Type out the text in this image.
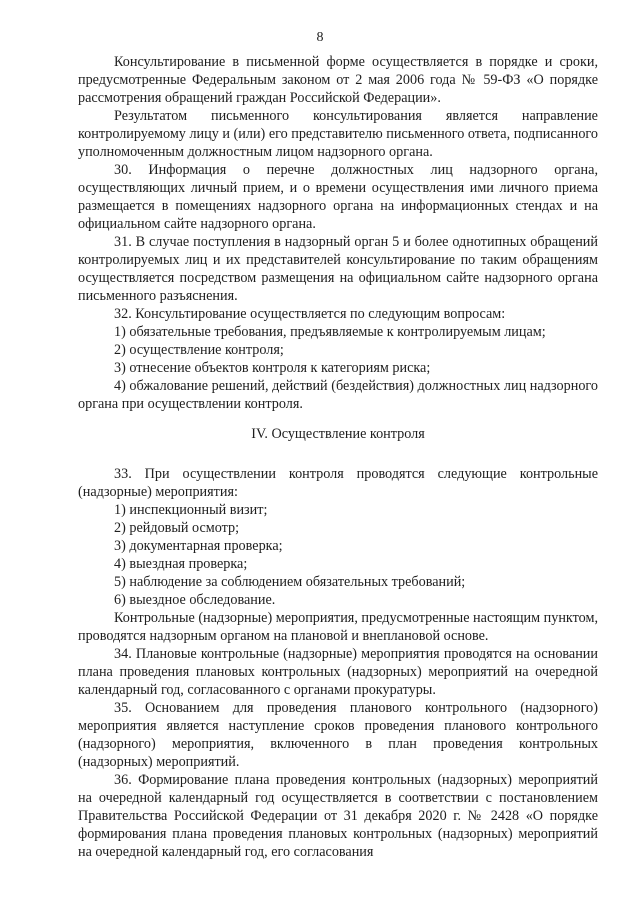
8

Консультирование в письменной форме осуществляется в порядке и сроки, предусмотренные Федеральным законом от 2 мая 2006 года № 59-ФЗ «О порядке рассмотрения обращений граждан Российской Федерации».

Результатом письменного консультирования является направление контролируемому лицу и (или) его представителю письменного ответа, подписанного уполномоченным должностным лицом надзорного органа.

30. Информация о перечне должностных лиц надзорного органа, осуществляющих личный прием, и о времени осуществления ими личного приема размещается в помещениях надзорного органа на информационных стендах и на официальном сайте надзорного органа.

31. В случае поступления в надзорный орган 5 и более однотипных обращений контролируемых лиц и их представителей консультирование по таким обращениям осуществляется посредством размещения на официальном сайте надзорного органа письменного разъяснения.

32. Консультирование осуществляется по следующим вопросам:

1) обязательные требования, предъявляемые к контролируемым лицам;

2) осуществление контроля;

3) отнесение объектов контроля к категориям риска;

4) обжалование решений, действий (бездействия) должностных лиц надзорного органа при осуществлении контроля.

IV. Осуществление контроля

33. При осуществлении контроля проводятся следующие контрольные (надзорные) мероприятия:

1) инспекционный визит;

2) рейдовый осмотр;

3) документарная проверка;

4) выездная проверка;

5) наблюдение за соблюдением обязательных требований;

6) выездное обследование.

Контрольные (надзорные) мероприятия, предусмотренные настоящим пунктом, проводятся надзорным органом на плановой и внеплановой основе.

34. Плановые контрольные (надзорные) мероприятия проводятся на основании плана проведения плановых контрольных (надзорных) мероприятий на очередной календарный год, согласованного с органами прокуратуры.

35. Основанием для проведения планового контрольного (надзорного) мероприятия является наступление сроков проведения планового контрольного (надзорного) мероприятия, включенного в план проведения контрольных (надзорных) мероприятий.

36. Формирование плана проведения контрольных (надзорных) мероприятий на очередной календарный год осуществляется в соответствии с постановлением Правительства Российской Федерации от 31 декабря 2020 г. № 2428 «О порядке формирования плана проведения плановых контрольных (надзорных) мероприятий на очередной календарный год, его согласования
